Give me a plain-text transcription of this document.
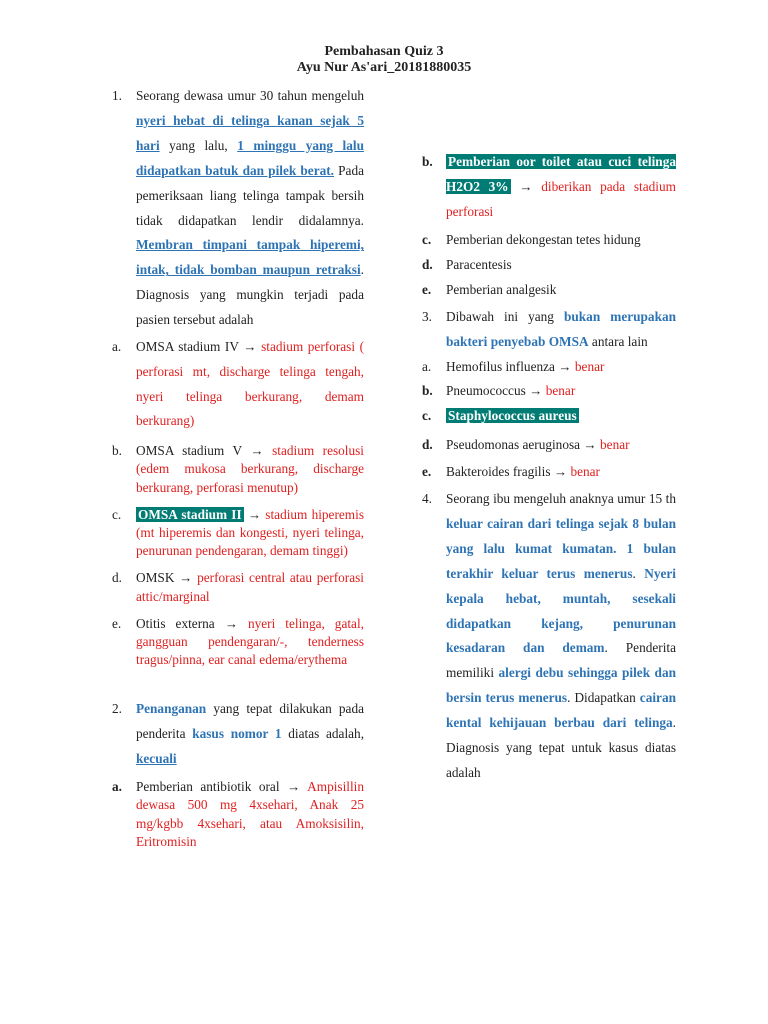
Pembahasan Quiz 3
Ayu Nur As'ari_20181880035
1. Seorang dewasa umur 30 tahun mengeluh nyeri hebat di telinga kanan sejak 5 hari yang lalu, 1 minggu yang lalu didapatkan batuk dan pilek berat. Pada pemeriksaan liang telinga tampak bersih tidak didapatkan lendir didalamnya. Membran timpani tampak hiperemi, intak, tidak bomban maupun retraksi. Diagnosis yang mungkin terjadi pada pasien tersebut adalah
a. OMSA stadium IV → stadium perforasi ( perforasi mt, discharge telinga tengah, nyeri telinga berkurang, demam berkurang)
b. OMSA stadium V → stadium resolusi (edem mukosa berkurang, discharge berkurang, perforasi menutup)
c. OMSA stadium II → stadium hiperemis (mt hiperemis dan kongesti, nyeri telinga, penurunan pendengaran, demam tinggi)
d. OMSK → perforasi central atau perforasi attic/marginal
e. Otitis externa → nyeri telinga, gatal, gangguan pendengaran/-, tenderness tragus/pinna, ear canal edema/erythema
2. Penanganan yang tepat dilakukan pada penderita kasus nomor 1 diatas adalah, kecuali
a. Pemberian antibiotik oral → Ampisillin dewasa 500 mg 4xsehari, Anak 25 mg/kgbb 4xsehari, atau Amoksisilin, Eritromisin
b. Pemberian oor toilet atau cuci telinga H2O2 3% → diberikan pada stadium perforasi
c. Pemberian dekongestan tetes hidung
d. Paracentesis
e. Pemberian analgesik
3. Dibawah ini yang bukan merupakan bakteri penyebab OMSA antara lain
a. Hemofilus influenza → benar
b. Pneumococcus → benar
c. Staphylococcus aureus
d. Pseudomonas aeruginosa → benar
e. Bakteroides fragilis → benar
4. Seorang ibu mengeluh anaknya umur 15 th keluar cairan dari telinga sejak 8 bulan yang lalu kumat kumatan. 1 bulan terakhir keluar terus menerus. Nyeri kepala hebat, muntah, sesekali didapatkan kejang, penurunan kesadaran dan demam. Penderita memiliki alergi debu sehingga pilek dan bersin terus menerus. Didapatkan cairan kental kehijauan berbau dari telinga. Diagnosis yang tepat untuk kasus diatas adalah
